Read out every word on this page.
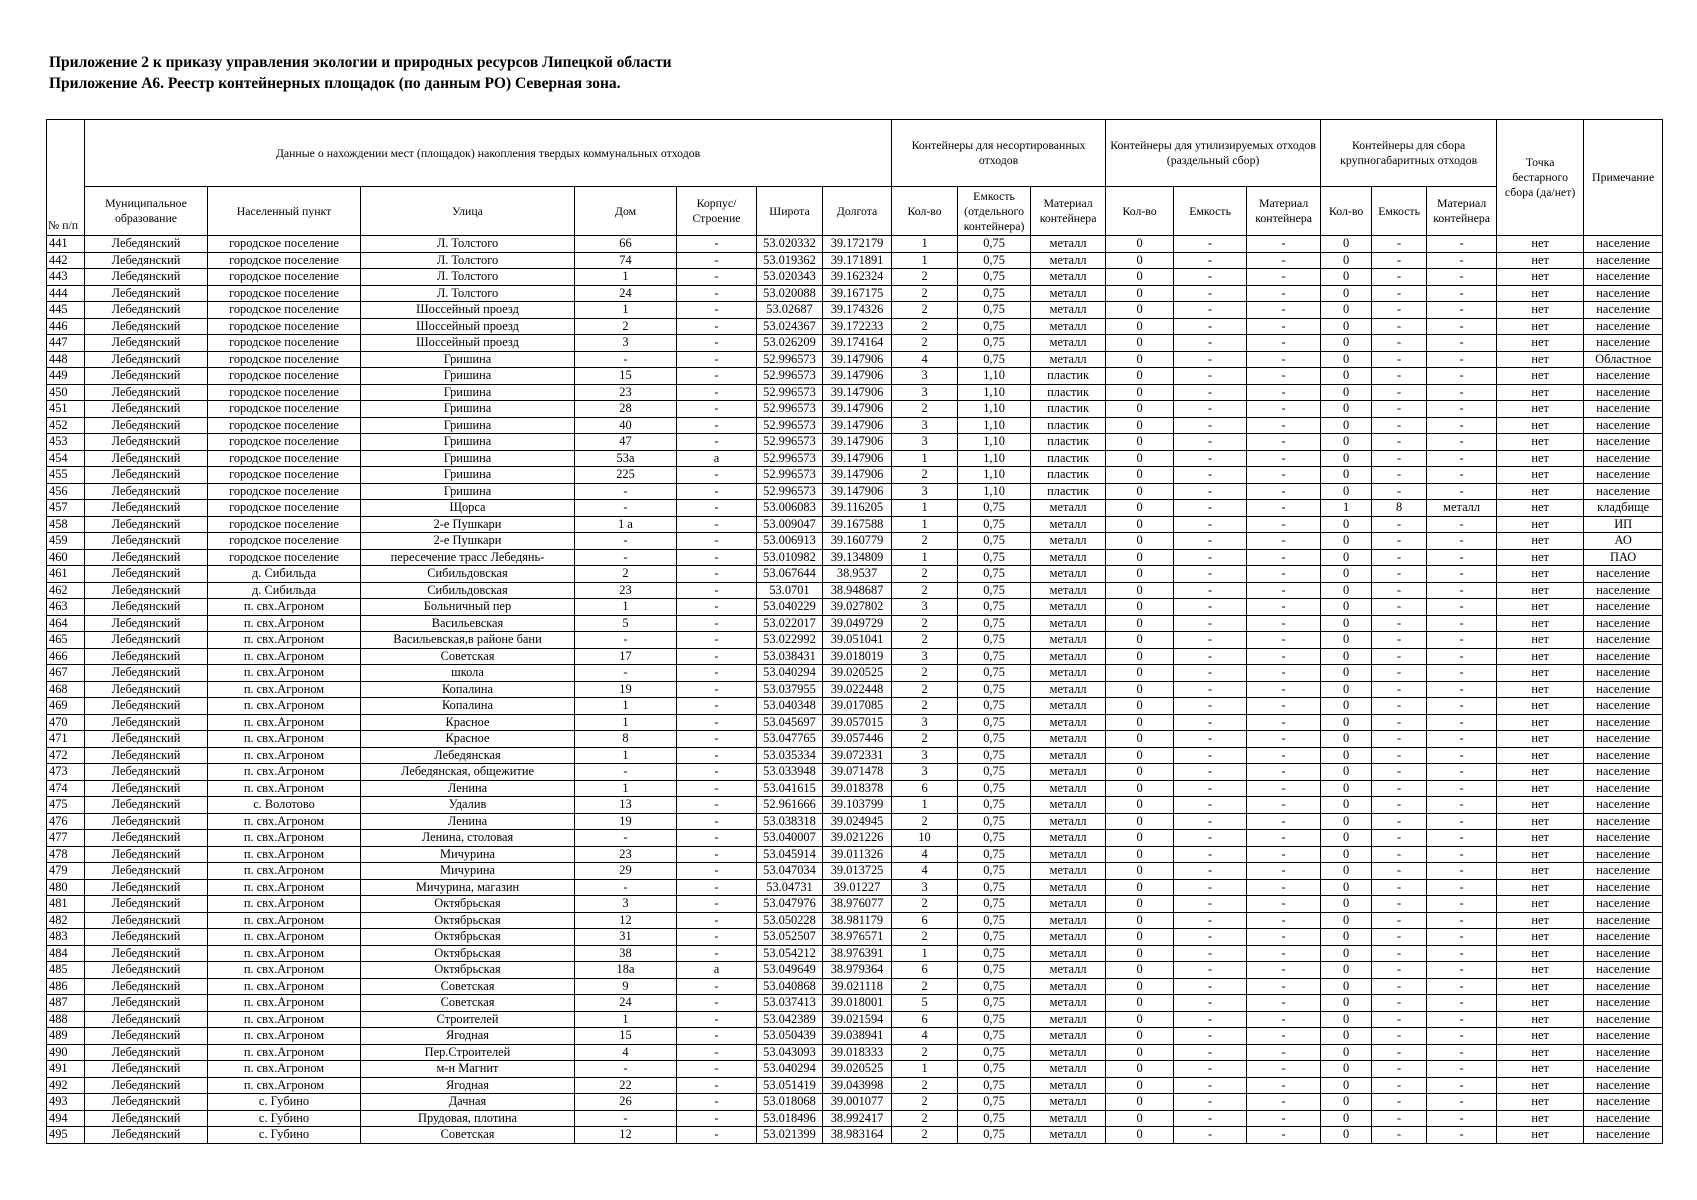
Приложение 2 к приказу управления экологии и природных ресурсов Липецкой области
Приложение А6. Реестр контейнерных площадок (по данным РО) Северная зона.
№ п/п	Данные о нахождении мест (площадок) накопления твердых коммунальных отходов							Контейнеры для несортированных отходов			Контейнеры для утилизируемых отходов (раздельный сбор)			Контейнеры для сбора крупногабаритных отходов			Точка бестарного сбора (да/нет)	Примечание
	Муниципальное образование	Населенный пункт	Улица	Дом	Корпус/ Строение	Широта	Долгота	Кол-во	Емкость (отдельного контейнера)	Материал контейнера	Кол-во	Емкость	Материал контейнера	Кол-во	Емкость	Материал контейнера		
441	Лебедянский	городское поселение	Л. Толстого	66	-	53.020332	39.172179	1	0,75	металл	0	-	-	0	-	-	нет	население
442	Лебедянский	городское поселение	Л. Толстого	74	-	53.019362	39.171891	1	0,75	металл	0	-	-	0	-	-	нет	население
443	Лебедянский	городское поселение	Л. Толстого	1	-	53.020343	39.162324	2	0,75	металл	0	-	-	0	-	-	нет	население
444	Лебедянский	городское поселение	Л. Толстого	24	-	53.020088	39.167175	2	0,75	металл	0	-	-	0	-	-	нет	население
445	Лебедянский	городское поселение	Шоссейный проезд	1	-	53.02687	39.174326	2	0,75	металл	0	-	-	0	-	-	нет	население
446	Лебедянский	городское поселение	Шоссейный проезд	2	-	53.024367	39.172233	2	0,75	металл	0	-	-	0	-	-	нет	население
447	Лебедянский	городское поселение	Шоссейный проезд	3	-	53.026209	39.174164	2	0,75	металл	0	-	-	0	-	-	нет	население
448	Лебедянский	городское поселение	Гришина	-	-	52.996573	39.147906	4	0,75	металл	0	-	-	0	-	-	нет	Областное
449	Лебедянский	городское поселение	Гришина	15	-	52.996573	39.147906	3	1,10	пластик	0	-	-	0	-	-	нет	население
450	Лебедянский	городское поселение	Гришина	23	-	52.996573	39.147906	3	1,10	пластик	0	-	-	0	-	-	нет	население
451	Лебедянский	городское поселение	Гришина	28	-	52.996573	39.147906	2	1,10	пластик	0	-	-	0	-	-	нет	население
452	Лебедянский	городское поселение	Гришина	40	-	52.996573	39.147906	3	1,10	пластик	0	-	-	0	-	-	нет	население
453	Лебедянский	городское поселение	Гришина	47	-	52.996573	39.147906	3	1,10	пластик	0	-	-	0	-	-	нет	население
454	Лебедянский	городское поселение	Гришина	53а	а	52.996573	39.147906	1	1,10	пластик	0	-	-	0	-	-	нет	население
455	Лебедянский	городское поселение	Гришина	225	-	52.996573	39.147906	2	1,10	пластик	0	-	-	0	-	-	нет	население
456	Лебедянский	городское поселение	Гришина	-	-	52.996573	39.147906	3	1,10	пластик	0	-	-	0	-	-	нет	население
457	Лебедянский	городское поселение	Щорса	-	-	53.006083	39.116205	1	0,75	металл	0	-	-	1	8	металл	нет	кладбище
458	Лебедянский	городское поселение	2-е Пушкари	1 а	-	53.009047	39.167588	1	0,75	металл	0	-	-	0	-	-	нет	ИП
459	Лебедянский	городское поселение	2-е Пушкари	-	-	53.006913	39.160779	2	0,75	металл	0	-	-	0	-	-	нет	АО
460	Лебедянский	городское поселение	пересечение трасс Лебедянь-	-	-	53.010982	39.134809	1	0,75	металл	0	-	-	0	-	-	нет	ПАО
461	Лебедянский	д. Сибильда	Сибильдовская	2	-	53.067644	38.9537	2	0,75	металл	0	-	-	0	-	-	нет	население
462	Лебедянский	д. Сибильда	Сибильдовская	23	-	53.0701	38.948687	2	0,75	металл	0	-	-	0	-	-	нет	население
463	Лебедянский	п. свх.Агроном	Больничный пер	1	-	53.040229	39.027802	3	0,75	металл	0	-	-	0	-	-	нет	население
464	Лебедянский	п. свх.Агроном	Васильевская	5	-	53.022017	39.049729	2	0,75	металл	0	-	-	0	-	-	нет	население
465	Лебедянский	п. свх.Агроном	Васильевская,в районе бани	-	-	53.022992	39.051041	2	0,75	металл	0	-	-	0	-	-	нет	население
466	Лебедянский	п. свх.Агроном	Советская	17	-	53.038431	39.018019	3	0,75	металл	0	-	-	0	-	-	нет	население
467	Лебедянский	п. свх.Агроном	школа	-	-	53.040294	39.020525	2	0,75	металл	0	-	-	0	-	-	нет	население
468	Лебедянский	п. свх.Агроном	Копалина	19	-	53.037955	39.022448	2	0,75	металл	0	-	-	0	-	-	нет	население
469	Лебедянский	п. свх.Агроном	Копалина	1	-	53.040348	39.017085	2	0,75	металл	0	-	-	0	-	-	нет	население
470	Лебедянский	п. свх.Агроном	Красное	1	-	53.045697	39.057015	3	0,75	металл	0	-	-	0	-	-	нет	население
471	Лебедянский	п. свх.Агроном	Красное	8	-	53.047765	39.057446	2	0,75	металл	0	-	-	0	-	-	нет	население
472	Лебедянский	п. свх.Агроном	Лебедянская	1	-	53.035334	39.072331	3	0,75	металл	0	-	-	0	-	-	нет	население
473	Лебедянский	п. свх.Агроном	Лебедянская, общежитие	-	-	53.033948	39.071478	3	0,75	металл	0	-	-	0	-	-	нет	население
474	Лебедянский	п. свх.Агроном	Ленина	1	-	53.041615	39.018378	6	0,75	металл	0	-	-	0	-	-	нет	население
475	Лебедянский	с. Волотово	Удалив	13	-	52.961666	39.103799	1	0,75	металл	0	-	-	0	-	-	нет	население
476	Лебедянский	п. свх.Агроном	Ленина	19	-	53.038318	39.024945	2	0,75	металл	0	-	-	0	-	-	нет	население
477	Лебедянский	п. свх.Агроном	Ленина, столовая	-	-	53.040007	39.021226	10	0,75	металл	0	-	-	0	-	-	нет	население
478	Лебедянский	п. свх.Агроном	Мичурина	23	-	53.045914	39.011326	4	0,75	металл	0	-	-	0	-	-	нет	население
479	Лебедянский	п. свх.Агроном	Мичурина	29	-	53.047034	39.013725	4	0,75	металл	0	-	-	0	-	-	нет	население
480	Лебедянский	п. свх.Агроном	Мичурина, магазин	-	-	53.04731	39.01227	3	0,75	металл	0	-	-	0	-	-	нет	население
481	Лебедянский	п. свх.Агроном	Октябрьская	3	-	53.047976	38.976077	2	0,75	металл	0	-	-	0	-	-	нет	население
482	Лебедянский	п. свх.Агроном	Октябрьская	12	-	53.050228	38.981179	6	0,75	металл	0	-	-	0	-	-	нет	население
483	Лебедянский	п. свх.Агроном	Октябрьская	31	-	53.052507	38.976571	2	0,75	металл	0	-	-	0	-	-	нет	население
484	Лебедянский	п. свх.Агроном	Октябрьская	38	-	53.054212	38.976391	1	0,75	металл	0	-	-	0	-	-	нет	население
485	Лебедянский	п. свх.Агроном	Октябрьская	18а	а	53.049649	38.979364	6	0,75	металл	0	-	-	0	-	-	нет	население
486	Лебедянский	п. свх.Агроном	Советская	9	-	53.040868	39.021118	2	0,75	металл	0	-	-	0	-	-	нет	население
487	Лебедянский	п. свх.Агроном	Советская	24	-	53.037413	39.018001	5	0,75	металл	0	-	-	0	-	-	нет	население
488	Лебедянский	п. свх.Агроном	Строителей	1	-	53.042389	39.021594	6	0,75	металл	0	-	-	0	-	-	нет	население
489	Лебедянский	п. свх.Агроном	Ягодная	15	-	53.050439	39.038941	4	0,75	металл	0	-	-	0	-	-	нет	население
490	Лебедянский	п. свх.Агроном	Пер.Строителей	4	-	53.043093	39.018333	2	0,75	металл	0	-	-	0	-	-	нет	население
491	Лебедянский	п. свх.Агроном	м-н Магнит	-	-	53.040294	39.020525	1	0,75	металл	0	-	-	0	-	-	нет	население
492	Лебедянский	п. свх.Агроном	Ягодная	22	-	53.051419	39.043998	2	0,75	металл	0	-	-	0	-	-	нет	население
493	Лебедянский	с. Губино	Дачная	26	-	53.018068	39.001077	2	0,75	металл	0	-	-	0	-	-	нет	население
494	Лебедянский	с. Губино	Прудовая, плотина	-	-	53.018496	38.992417	2	0,75	металл	0	-	-	0	-	-	нет	население
495	Лебедянский	с. Губино	Советская	12	-	53.021399	38.983164	2	0,75	металл	0	-	-	0	-	-	нет	население
